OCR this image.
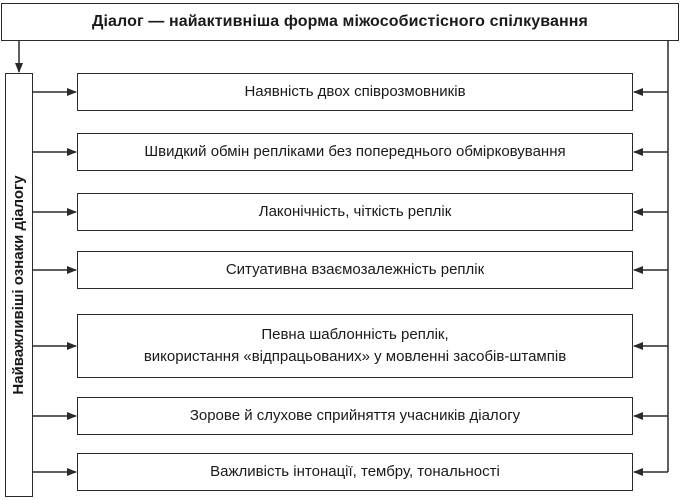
Діалог — найактивніша форма міжособистісного спілкування
Найважливіші ознаки діалогу
Наявність двох співрозмовників
Швидкий обмін репліками без попереднього обмірковування
Лаконічність, чіткість реплік
Ситуативна взаємозалежність реплік
Певна шаблонність реплік,
використання «відпрацьованих» у мовленні засобів-штампів
Зорове й слухове сприйняття учасників діалогу
Важливість інтонації, тембру, тональності
